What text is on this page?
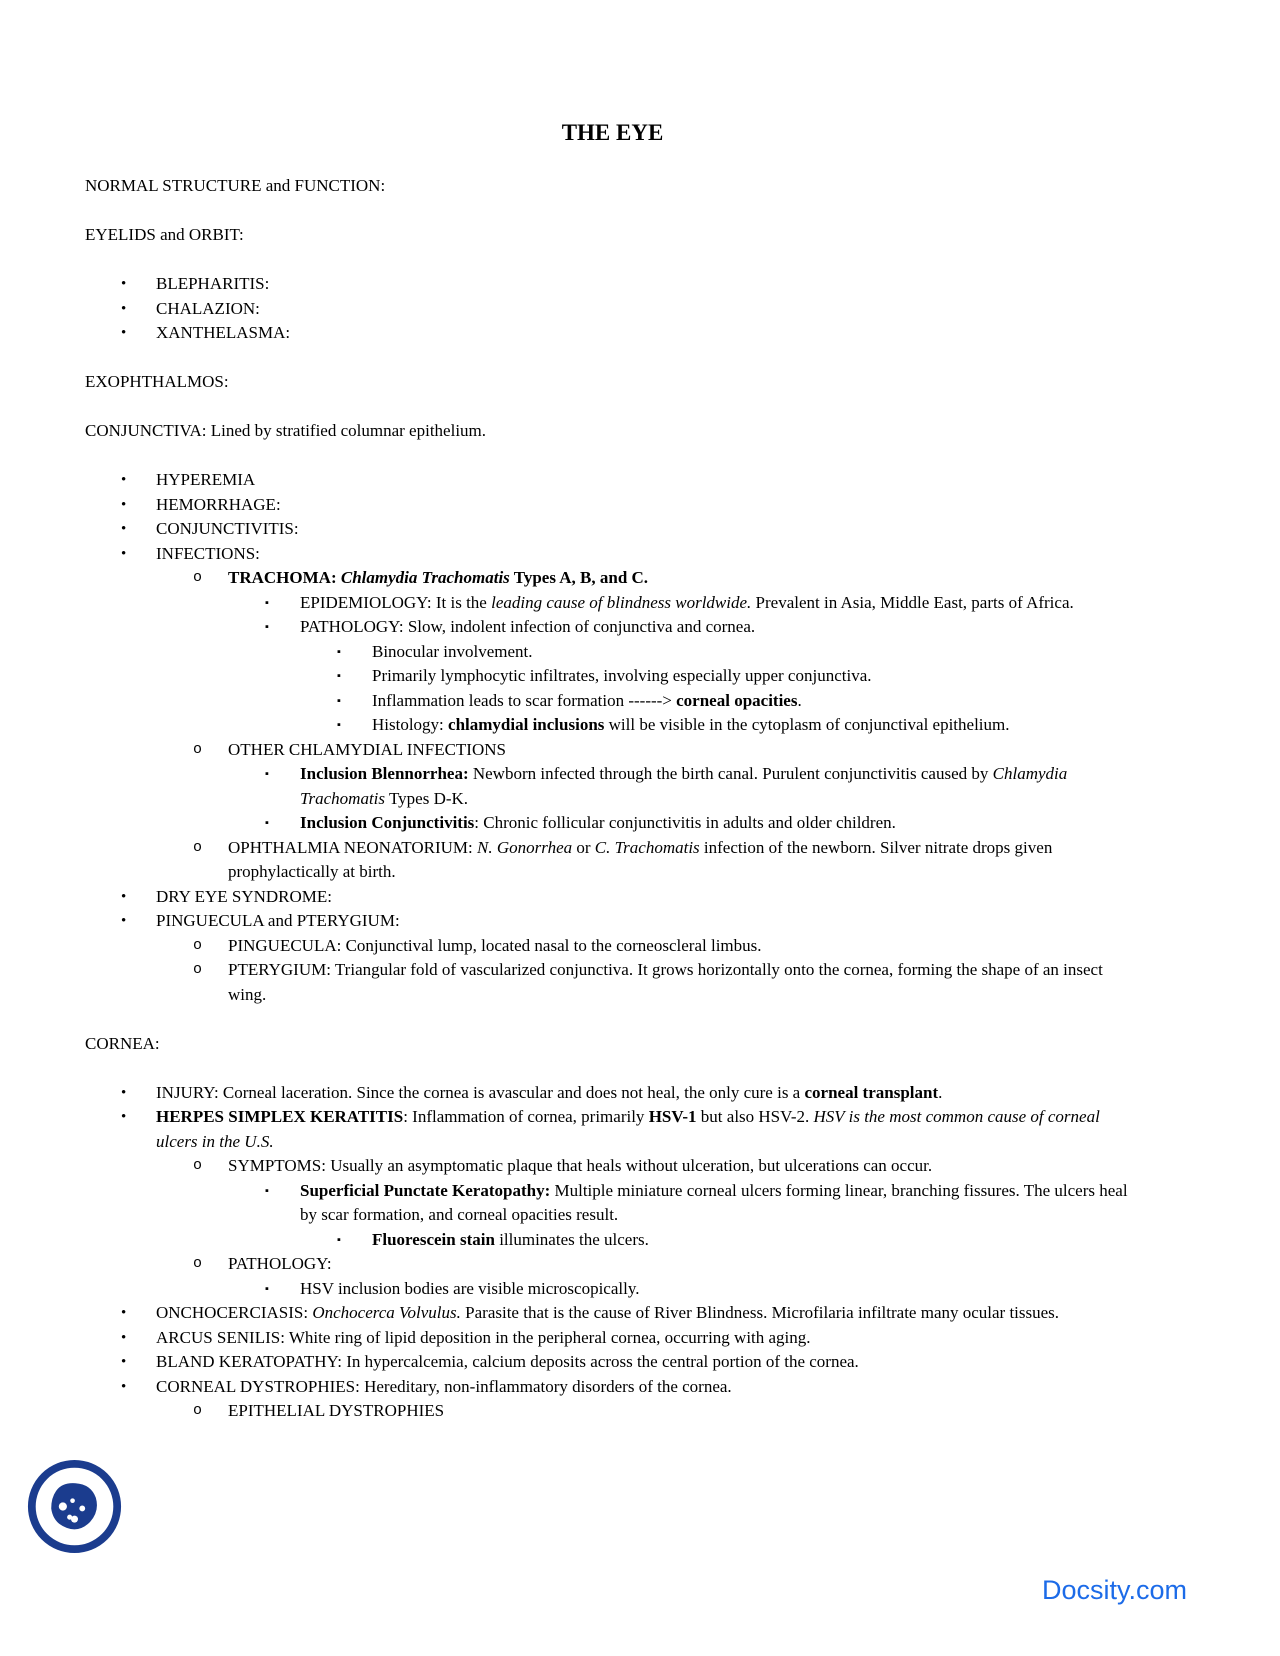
THE EYE
NORMAL STRUCTURE and FUNCTION:
EYELIDS and ORBIT:
• BLEPHARITIS:
• CHALAZION:
• XANTHELASMA:
EXOPHTHALMOS:
CONJUNCTIVA: Lined by stratified columnar epithelium.
• HYPEREMIA
• HEMORRHAGE:
• CONJUNCTIVITIS:
• INFECTIONS:
o TRACHOMA: Chlamydia Trachomatis Types A, B, and C.
▪ EPIDEMIOLOGY: It is the leading cause of blindness worldwide. Prevalent in Asia, Middle East, parts of Africa.
▪ PATHOLOGY: Slow, indolent infection of conjunctiva and cornea.
▪ Binocular involvement.
▪ Primarily lymphocytic infiltrates, involving especially upper conjunctiva.
▪ Inflammation leads to scar formation ------> corneal opacities.
▪ Histology: chlamydial inclusions will be visible in the cytoplasm of conjunctival epithelium.
o OTHER CHLAMYDIAL INFECTIONS
▪ Inclusion Blennorrhea: Newborn infected through the birth canal. Purulent conjunctivitis caused by Chlamydia Trachomatis Types D-K.
▪ Inclusion Conjunctivitis: Chronic follicular conjunctivitis in adults and older children.
o OPHTHALMIA NEONATORIUM: N. Gonorrhea or C. Trachomatis infection of the newborn. Silver nitrate drops given prophylactically at birth.
• DRY EYE SYNDROME:
• PINGUECULA and PTERYGIUM:
o PINGUECULA: Conjunctival lump, located nasal to the corneoscleral limbus.
o PTERYGIUM: Triangular fold of vascularized conjunctiva. It grows horizontally onto the cornea, forming the shape of an insect wing.
CORNEA:
• INJURY: Corneal laceration. Since the cornea is avascular and does not heal, the only cure is a corneal transplant.
• HERPES SIMPLEX KERATITIS: Inflammation of cornea, primarily HSV-1 but also HSV-2. HSV is the most common cause of corneal ulcers in the U.S.
o SYMPTOMS: Usually an asymptomatic plaque that heals without ulceration, but ulcerations can occur.
▪ Superficial Punctate Keratopathy: Multiple miniature corneal ulcers forming linear, branching fissures. The ulcers heal by scar formation, and corneal opacities result.
▪ Fluorescein stain illuminates the ulcers.
o PATHOLOGY:
▪ HSV inclusion bodies are visible microscopically.
• ONCHOCERCIASIS: Onchocerca Volvulus. Parasite that is the cause of River Blindness. Microfilaria infiltrate many ocular tissues.
• ARCUS SENILIS: White ring of lipid deposition in the peripheral cornea, occurring with aging.
• BLAND KERATOPATHY: In hypercalcemia, calcium deposits across the central portion of the cornea.
• CORNEAL DYSTROPHIES: Hereditary, non-inflammatory disorders of the cornea.
o EPITHELIAL DYSTROPHIES
Docsity.com
